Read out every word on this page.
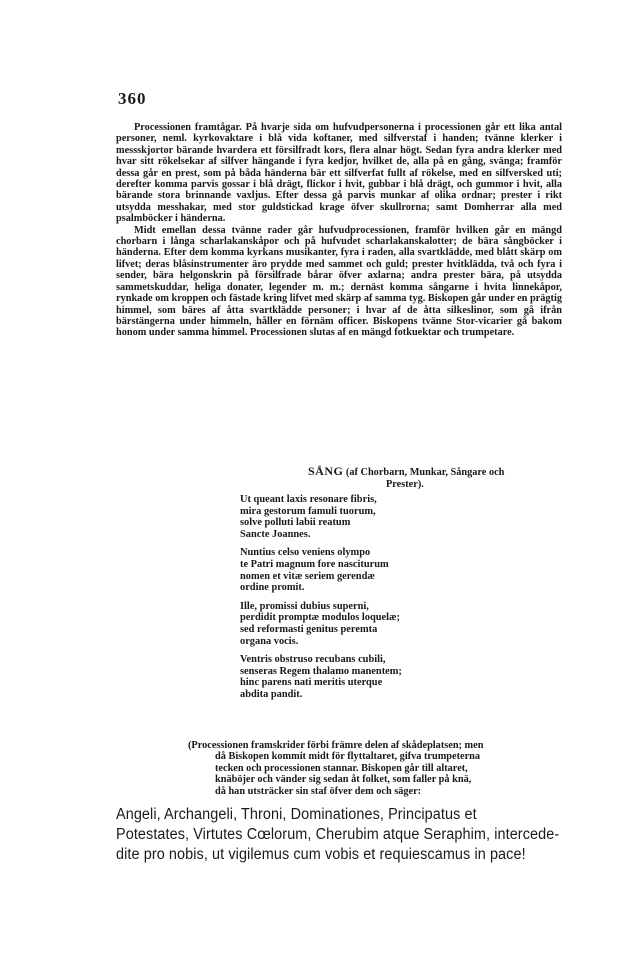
360

Processionen framtågar. På hvarje sida om hufvudpersonerna i processionen går ett lika antal personer, neml. kyrkovaktare i blå vida koftaner, med silfverstaf i handen; tvänne klerker i messskjortor bärande hvardera ett försilfradt kors, flera alnar högt. Sedan fyra andra klerker med hvar sitt rökelsekar af silfver hängande i fyra kedjor, hvilket de, alla på en gång, svänga; framför dessa går en prest, som på båda händerna bär ett silfverfat fullt af rökelse, med en silfversked uti; derefter komma parvis gossar i blå drägt, flickor i hvit, gubbar i blå drägt, och gummor i hvit, alla bärande stora brinnande vaxljus. Efter dessa gå parvis munkar af olika ordnar; prester i rikt utsydda messhakar, med stor guldstickad krage öfver skullrorna; samt Domherrar alla med psalmböcker i händerna.

Midt emellan dessa tvänne rader går hufvudprocessionen, framför hvilken går en mängd chorbarn i långa scharlakanskåpor och på hufvudet scharlakanskalotter; de bära sångböcker i händerna. Efter dem komma kyrkans musikanter, fyra i raden, alla svartklädde, med blått skärp om lifvet; deras blåsinstrumenter äro prydde med sammet och guld; prester hvitklädda, två och fyra i sender, bära helgonskrin på försilfrade bårar öfver axlarna; andra prester bära, på utsydda sammetskuddar, heliga donater, legender m. m.; dernäst komma sångarne i hvita linnekåpor, rynkade om kroppen och fästade kring lifvet med skärp af samma tyg. Biskopen går under en prägtig himmel, som bäres af åtta svartklädde personer; i hvar af de åtta silkeslinor, som gå ifrån bärstängerna under himmeln, håller en förnäm officer. Biskopens tvänne Stor-vicarier gå bakom honom under samma himmel. Processionen slutas af en mängd fotkuektar och trumpetare.

SÅNG (af Chorbarn, Munkar, Sångare och

Prester).

Ut queant laxis resonare fibris,
mira gestorum famuli tuorum,
solve polluti labii reatum
Sancte Joannes.
Nuntius celso veniens olympo
te Patri magnum fore nasciturum
nomen et vitæ seriem gerendæ
ordine promit.
Ille, promissi dubius superni,
perdidit promptæ modulos loquelæ;
sed reformasti genitus peremta
organa vocis.
Ventris obstruso recubans cubili,
senseras Regem thalamo manentem;
hinc parens nati meritis uterque
abdita pandit.
(Processionen framskrider förbi främre delen af skådeplatsen; men
då Biskopen kommit midt för flyttaltaret, gifva trumpeterna
tecken och processionen stannar. Biskopen går till altaret,
knäböjer och vänder sig sedan åt folket, som faller på knä,
då han utsträcker sin staf öfver dem och säger:
Angeli, Archangeli, Throni, Dominationes, Principatus et
Potestates, Virtutes Cœlorum, Cherubim atque Seraphim, intercede-
dite pro nobis, ut vigilemus cum vobis et requiescamus in pace!
